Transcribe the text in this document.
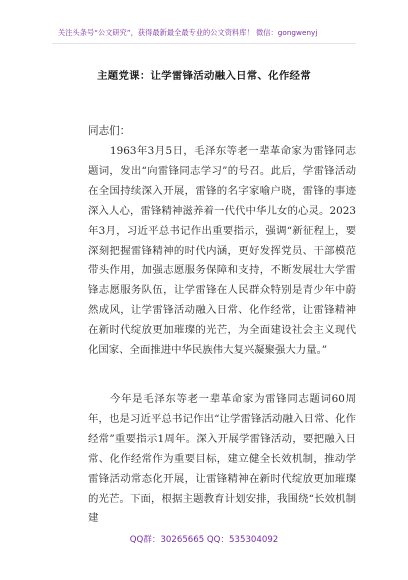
关注头条号“公文研究”，获得最新最全最专业的公文资料库！ 微信：gongwenyj
主题党课：让学雷锋活动融入日常、化作经常
同志们：

1963年3月5日，毛泽东等老一辈革命家为雷锋同志题词，发出“向雷锋同志学习”的号召。此后，学雷锋活动在全国持续深入开展，雷锋的名字家喻户晓，雷锋的事迹深入人心，雷锋精神滋养着一代代中华儿女的心灵。2023年3月，习近平总书记作出重要指示，强调“新征程上，要深刻把握雷锋精神的时代内涵，更好发挥党员、干部模范带头作用，加强志愿服务保障和支持，不断发展壮大学雷锋志愿服务队伍，让学雷锋在人民群众特别是青少年中蔚然成风，让学雷锋活动融入日常、化作经常，让雷锋精神在新时代绽放更加璀璨的光芒，为全面建设社会主义现代化国家、全面推进中华民族伟大复兴凝聚强大力量。”

今年是毛泽东等老一辈革命家为雷锋同志题词60周年，也是习近平总书记作出“让学雷锋活动融入日常、化作经常”重要指示1周年。深入开展学雷锋活动，要把融入日常、化作经常作为重要目标，建立健全长效机制，推动学雷锋活动常态化开展，让雷锋精神在新时代绽放更加璀璨的光芒。下面，根据主题教育计划安排，我围绕“长效机制建

QQ群：30265665 QQ：535304092
